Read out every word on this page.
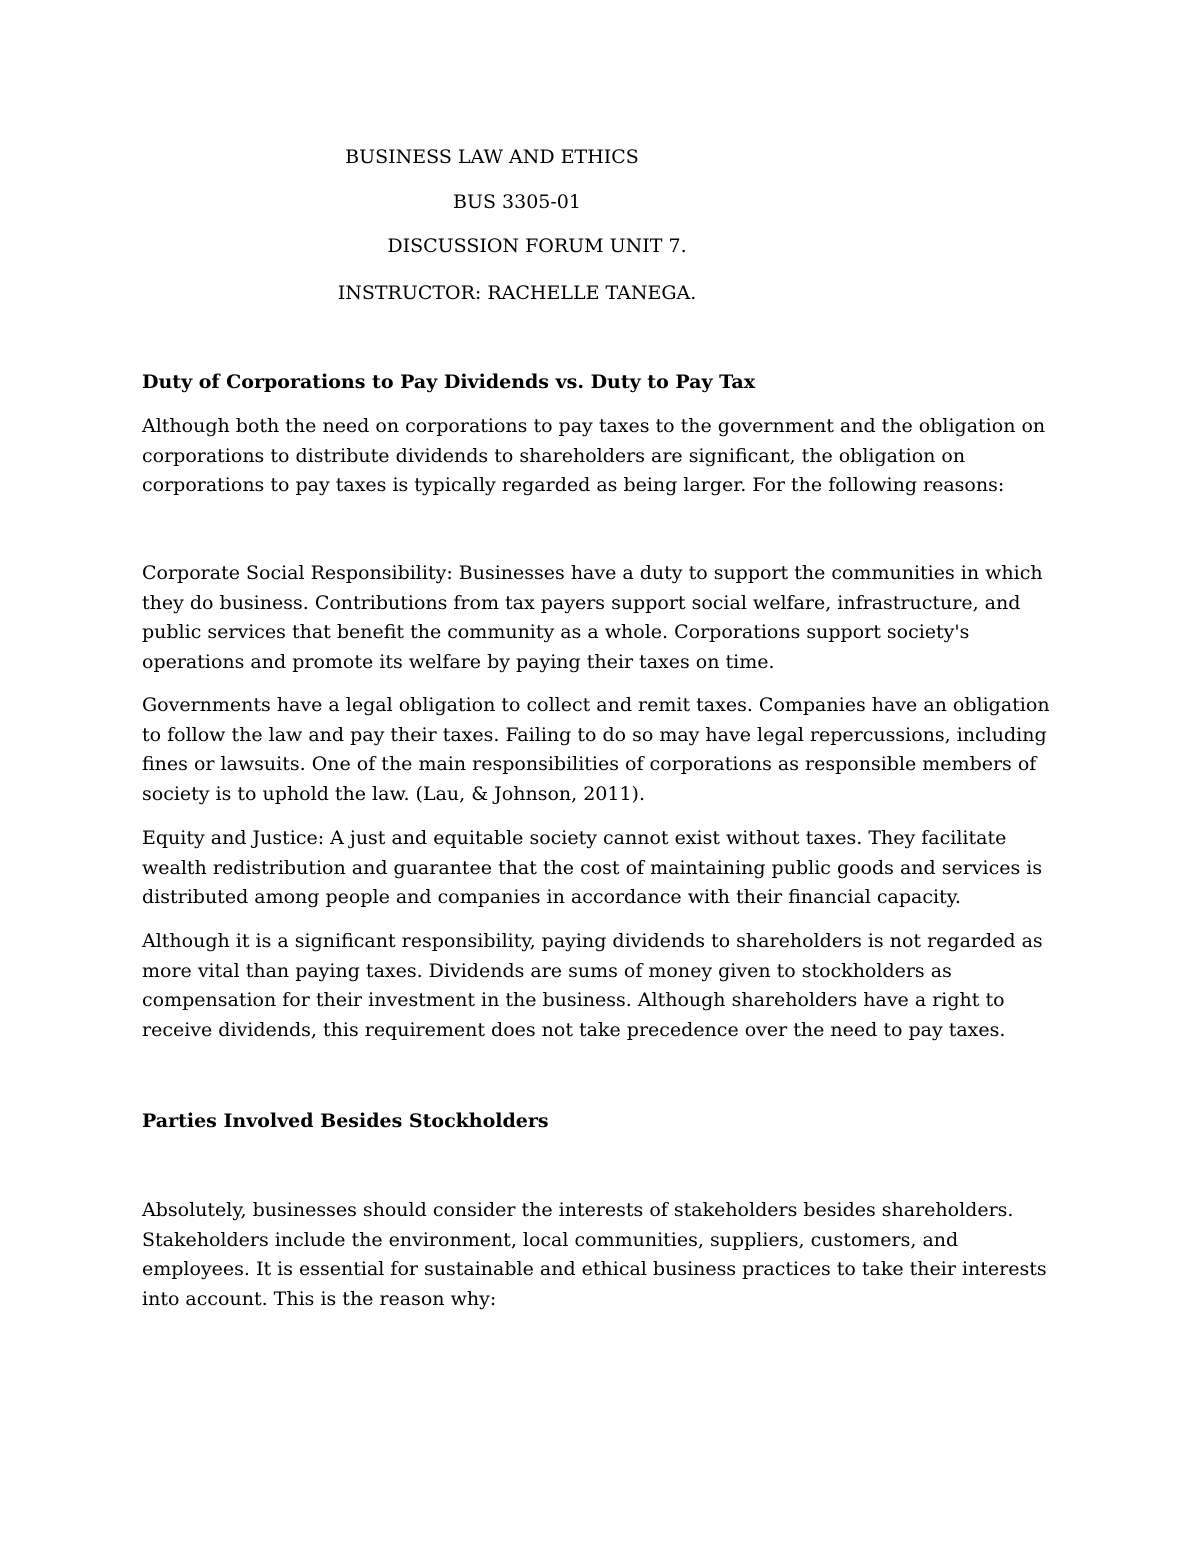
BUSINESS LAW AND ETHICS

BUS 3305-01

DISCUSSION FORUM UNIT 7.

INSTRUCTOR: RACHELLE TANEGA.

Duty of Corporations to Pay Dividends vs. Duty to Pay Tax

Although both the need on corporations to pay taxes to the government and the obligation on corporations to distribute dividends to shareholders are significant, the obligation on corporations to pay taxes is typically regarded as being larger. For the following reasons:

Corporate Social Responsibility: Businesses have a duty to support the communities in which they do business. Contributions from tax payers support social welfare, infrastructure, and public services that benefit the community as a whole. Corporations support society's operations and promote its welfare by paying their taxes on time.

Governments have a legal obligation to collect and remit taxes. Companies have an obligation to follow the law and pay their taxes. Failing to do so may have legal repercussions, including fines or lawsuits. One of the main responsibilities of corporations as responsible members of society is to uphold the law. (Lau, & Johnson, 2011).

Equity and Justice: A just and equitable society cannot exist without taxes. They facilitate wealth redistribution and guarantee that the cost of maintaining public goods and services is distributed among people and companies in accordance with their financial capacity.

Although it is a significant responsibility, paying dividends to shareholders is not regarded as more vital than paying taxes. Dividends are sums of money given to stockholders as compensation for their investment in the business. Although shareholders have a right to receive dividends, this requirement does not take precedence over the need to pay taxes.

Parties Involved Besides Stockholders

Absolutely, businesses should consider the interests of stakeholders besides shareholders. Stakeholders include the environment, local communities, suppliers, customers, and employees. It is essential for sustainable and ethical business practices to take their interests into account. This is the reason why:
